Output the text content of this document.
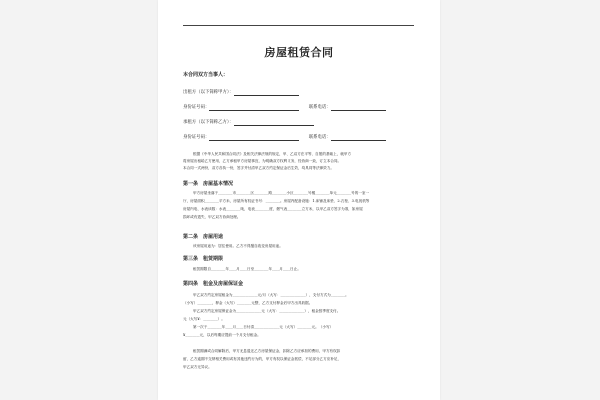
房屋租赁合同
本合同双方当事人：
出租方（以下简称甲方）：
身份证号码：	联系电话：
承租方（以下简称乙方）：
身份证号码：	联系电话：
根据《中华人民共和国合同法》及相关法律法规的规定，甲、乙双方在平等、自愿的基础上，就甲方
将房屋出租给乙方使用，乙方承租甲方房屋事宜，为明确双方权利义务，经协商一致，订立本合同。
本合同一式两份，双方各执一份，签字并付清甲乙双方约定保证金后生效，均具同等法律效力。
第一条　房屋基本情况
甲方房屋坐落于________市________区________路________小区________号楼________单元________号的一室一
厅，房屋面积________平方米，房屋所有权证书号：________。房屋内配备设施：1.床铺及床垫、2.衣柜、3.电视机等
房屋内电、水表读数：水表________吨，电表________度，燃气表________立方米，以甲乙双方签字为准，如房屋
损坏或有遗失，甲乙双方协商处理。
第二条　房屋用途
该房屋用途为：居住使用。乙方不得擅自改变房屋用途。
第三条　租赁期限
租赁期限自________年____月____日至________年____月____日止。
第四条　租金及房屋保证金
甲乙双方约定房屋租金为______________元/月（大写：______________），支付方式为________。
（小写）________，押金（大写）________元整，乙方支付押金后甲方出具收据。
甲乙双方约定房屋保证金为______________元（大写：______________），租金按季度支付。
元（大写¥：________）。
第一次于________年____月____日付清______________元（大写）________元。（小写）
¥________元，以后每期应提前一个月支付租金。
租赁期满或合同解除后，甲方无息退还乙方房屋保证金，扣除乙方应承担的费用，甲方有权扣
留，乙方逾期不交纳相关费用或有其他违约行为的，甲方有权以保证金抵偿，不足部分乙方应补足，
甲乙双方无异议。
